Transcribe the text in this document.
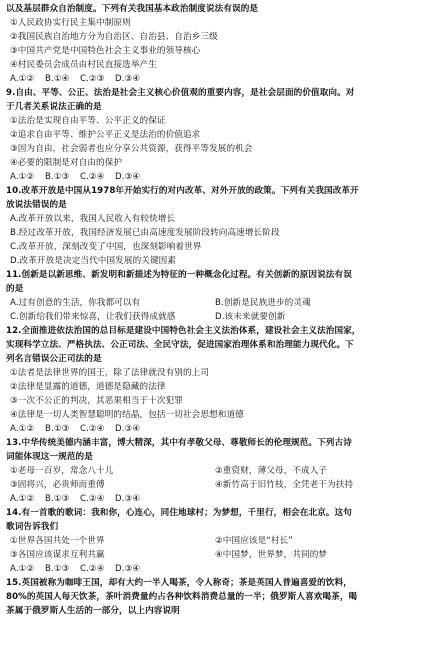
以及基层群众自治制度。下列有关我国基本政治制度说法有误的是
①人民政协实行民主集中制原则
②我国民族自治地方分为自治区、自治县、自治乡三级
③中国共产党是中国特色社会主义事业的领导核心
④村民委员会成员由村民直接选举产生
A.①②	B.①④	C.②③	D.③④
9.自由、平等、公正、法治是社会主义核心价值观的重要内容，是社会层面的价值取向。对
于几者关系说法正确的是
①法治是实现自由平等、公平正义的保证
②追求自由平等、维护公平正义是法治的价值追求
③因为自由，社会弱者也应分享公共资源，获得平等发展的机会
④必要的限制是对自由的保护
A.①②	B.①③	C.②④	D.③④
10.改革开放是中国从1978年开始实行的对内改革、对外开放的政策。下列有关我国改革开
放说法错误的是
A.改革开放以来，我国人民收入有较快增长
B.经过改革开放，我国经济发展已由高速度发展阶段转向高速增长阶段
C.改革开放，深刻改变了中国，也深刻影响着世界
D.改革开放是决定当代中国发展的关键因素
11.创新是以新思维、新发明和新描述为特征的一种概念化过程。有关创新的原因说法有误
的是
A.过有创意的生活，你我都可以有	B.创新是民族进步的灵魂
C.创新给我们带来惊喜，让我们获得成就感	D.该未来就要创新
12.全面推进依法治国的总目标是建设中国特色社会主义法治体系，建设社会主义法治国家，
实现科学立法、严格执法、公正司法、全民守法，促进国家治理体系和治理能力现代化。下
列名言错误公正司法的是
①法者是法律世界的国王，除了法律就没有别的上司
②法律是显露的道德，道德是隐藏的法律
③一次不公正的判决，其恶果相当于十次犯罪
④法律是一切人类智慧聪明的结晶，包括一切社会思想和道德
A.①②	B.①③	C.②④	D.③④
13.中华传统美德内涵丰富，博大精深，其中有孝敬父母、尊敬师长的伦理规范。下列古诗
词能体现这一规范的是
①老母一百岁，常念八十儿	②重资财，薄父母，不成人子
③固将兴，必贵师而重傅	④新竹高于旧竹枝，全凭老干为扶持
A.①②	B.①③	C.②④	D.③④
14.有一首歌的歌词：我和你，心连心，同住地球村；为梦想，千里行，相会在北京。这句
歌词告诉我们
①世界各国共处一个世界	②中国应该是“村长”
③各国应该谋求互利共赢	④中国梦，世界梦，共同的梦
A.①②	B.①③	C.②④	D.③④
15.英国被称为咖啡王国，却有大约一半人喝茶，令人称奇；茶是英国人普遍喜爱的饮料，
80%的英国人每天饮茶，茶叶消费量约占各种饮料消费总量的一半；俄罗斯人喜欢喝茶，喝
茶属于俄罗斯人生活的一部分，以上内容说明
